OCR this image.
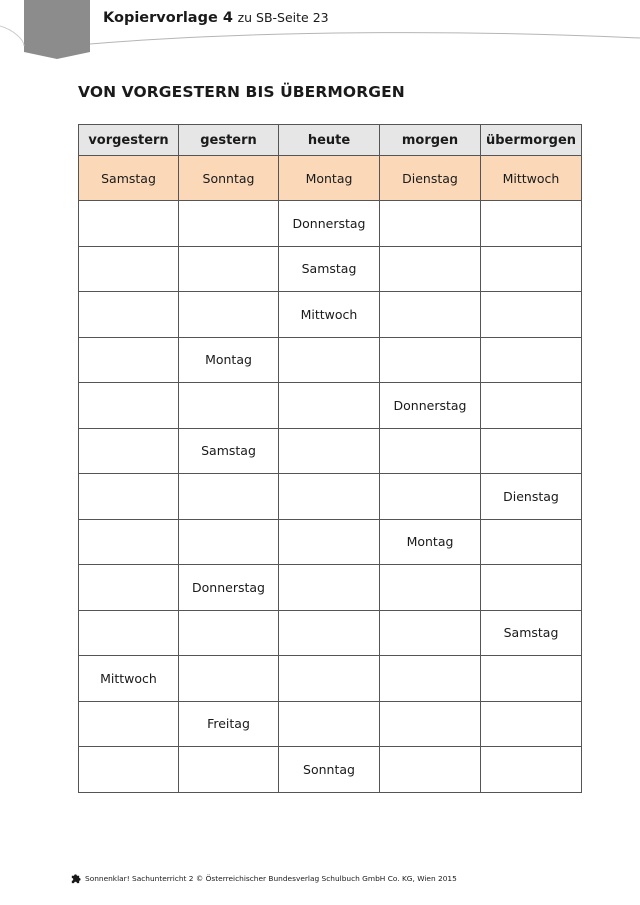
Kopiervorlage 4 zu SB-Seite 23
VON VORGESTERN BIS ÜBERMORGEN
vorgestern	gestern	heute	morgen	übermorgen
Samstag	Sonntag	Montag	Dienstag	Mittwoch
		Donnerstag		
		Samstag		
		Mittwoch		
	Montag			
			Donnerstag	
	Samstag			
				Dienstag
			Montag	
	Donnerstag			
				Samstag
Mittwoch				
	Freitag			
		Sonntag		
Sonnenklar! Sachunterricht 2 © Österreichischer Bundesverlag Schulbuch GmbH Co. KG, Wien 2015
